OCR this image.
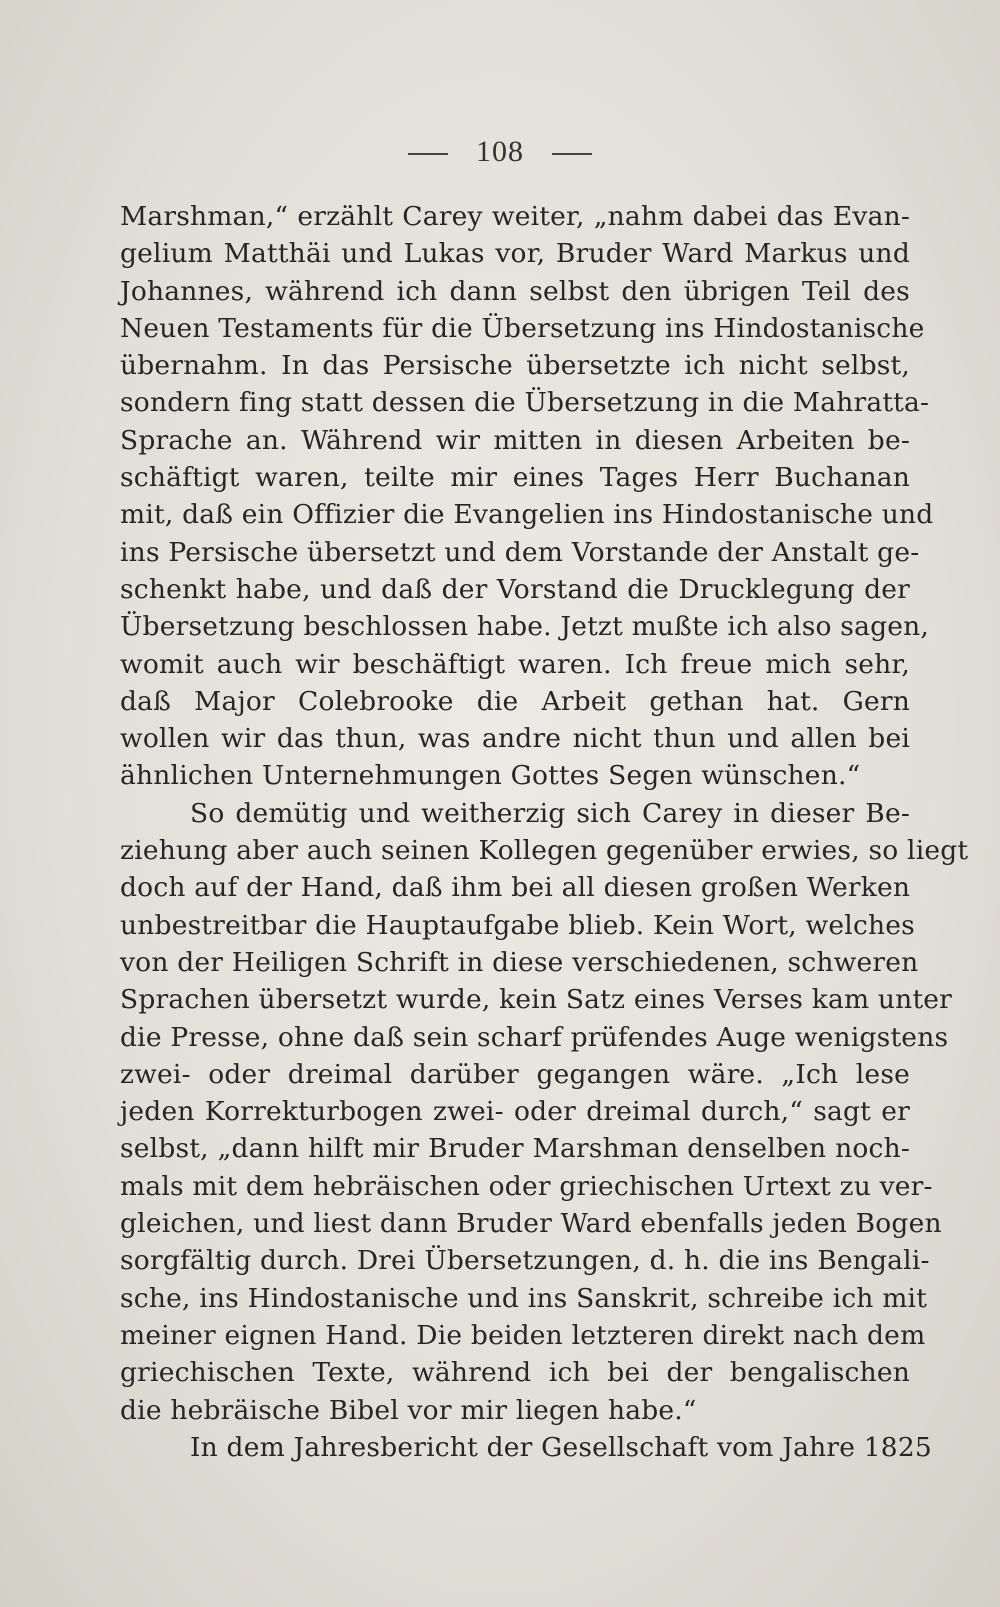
108
Marshman,“ erzählt Carey weiter, „nahm dabei das Evan-
gelium Matthäi und Lukas vor, Bruder Ward Markus und
Johannes, während ich dann selbst den übrigen Teil des
Neuen Testaments für die Übersetzung ins Hindostanische
übernahm. In das Persische übersetzte ich nicht selbst,
sondern fing statt dessen die Übersetzung in die Mahratta-
Sprache an. Während wir mitten in diesen Arbeiten be-
schäftigt waren, teilte mir eines Tages Herr Buchanan
mit, daß ein Offizier die Evangelien ins Hindostanische und
ins Persische übersetzt und dem Vorstande der Anstalt ge-
schenkt habe, und daß der Vorstand die Drucklegung der
Übersetzung beschlossen habe. Jetzt mußte ich also sagen,
womit auch wir beschäftigt waren. Ich freue mich sehr,
daß Major Colebrooke die Arbeit gethan hat. Gern
wollen wir das thun, was andre nicht thun und allen bei
ähnlichen Unternehmungen Gottes Segen wünschen.“
So demütig und weitherzig sich Carey in dieser Be-
ziehung aber auch seinen Kollegen gegenüber erwies, so liegt
doch auf der Hand, daß ihm bei all diesen großen Werken
unbestreitbar die Hauptaufgabe blieb. Kein Wort, welches
von der Heiligen Schrift in diese verschiedenen, schweren
Sprachen übersetzt wurde, kein Satz eines Verses kam unter
die Presse, ohne daß sein scharf prüfendes Auge wenigstens
zwei- oder dreimal darüber gegangen wäre. „Ich lese
jeden Korrekturbogen zwei- oder dreimal durch,“ sagt er
selbst, „dann hilft mir Bruder Marshman denselben noch-
mals mit dem hebräischen oder griechischen Urtext zu ver-
gleichen, und liest dann Bruder Ward ebenfalls jeden Bogen
sorgfältig durch. Drei Übersetzungen, d. h. die ins Bengali-
sche, ins Hindostanische und ins Sanskrit, schreibe ich mit
meiner eignen Hand. Die beiden letzteren direkt nach dem
griechischen Texte, während ich bei der bengalischen
die hebräische Bibel vor mir liegen habe.“
In dem Jahresbericht der Gesellschaft vom Jahre 1825
